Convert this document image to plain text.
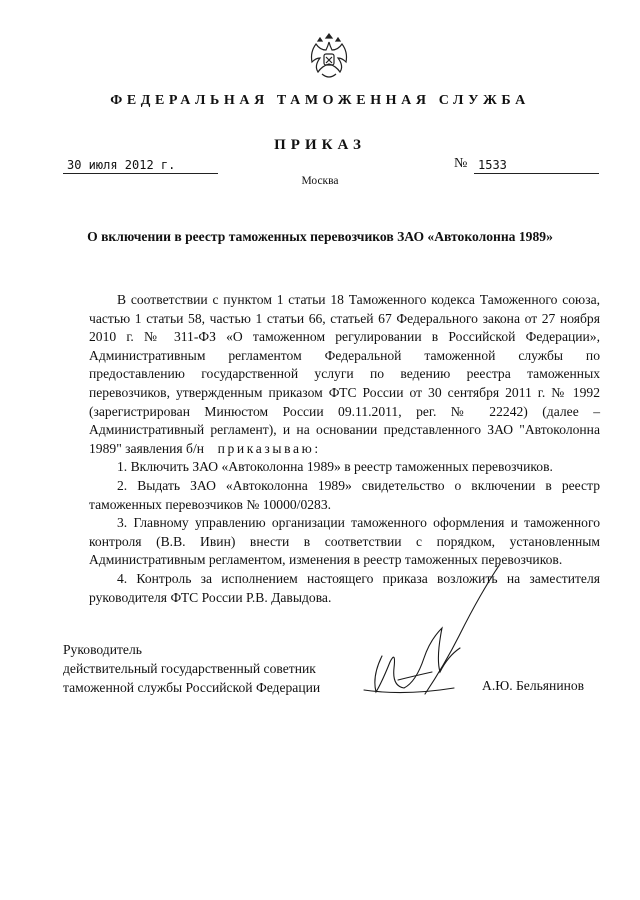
ФЕДЕРАЛЬНАЯ ТАМОЖЕННАЯ СЛУЖБА
ПРИКАЗ
30 июля 2012 г.	№ 1533
Москва
О включении в реестр таможенных перевозчиков ЗАО «Автоколонна 1989»

В соответствии с пунктом 1 статьи 18 Таможенного кодекса Таможенного союза, частью 1 статьи 58, частью 1 статьи 66, статьей 67 Федерального закона от 27 ноября 2010 г. № 311-ФЗ «О таможенном регулировании в Российской Федерации», Административным регламентом Федеральной таможенной службы по предоставлению государственной услуги по ведению реестра таможенных перевозчиков, утвержденным приказом ФТС России от 30 сентября 2011 г. № 1992 (зарегистрирован Минюстом России 09.11.2011, рег. № 22242) (далее – Административный регламент), и на основании представленного ЗАО "Автоколонна 1989" заявления б/н приказываю:

1. Включить ЗАО «Автоколонна 1989» в реестр таможенных перевозчиков.

2. Выдать ЗАО «Автоколонна 1989» свидетельство о включении в реестр таможенных перевозчиков № 10000/0283.

3. Главному управлению организации таможенного оформления и таможенного контроля (В.В. Ивин) внести в соответствии с порядком, установленным Административным регламентом, изменения в реестр таможенных перевозчиков.

4. Контроль за исполнением настоящего приказа возложить на заместителя руководителя ФТС России Р.В. Давыдова.

Руководитель
действительный государственный советник
таможенной службы Российской Федерации	А.Ю. Бельянинов
